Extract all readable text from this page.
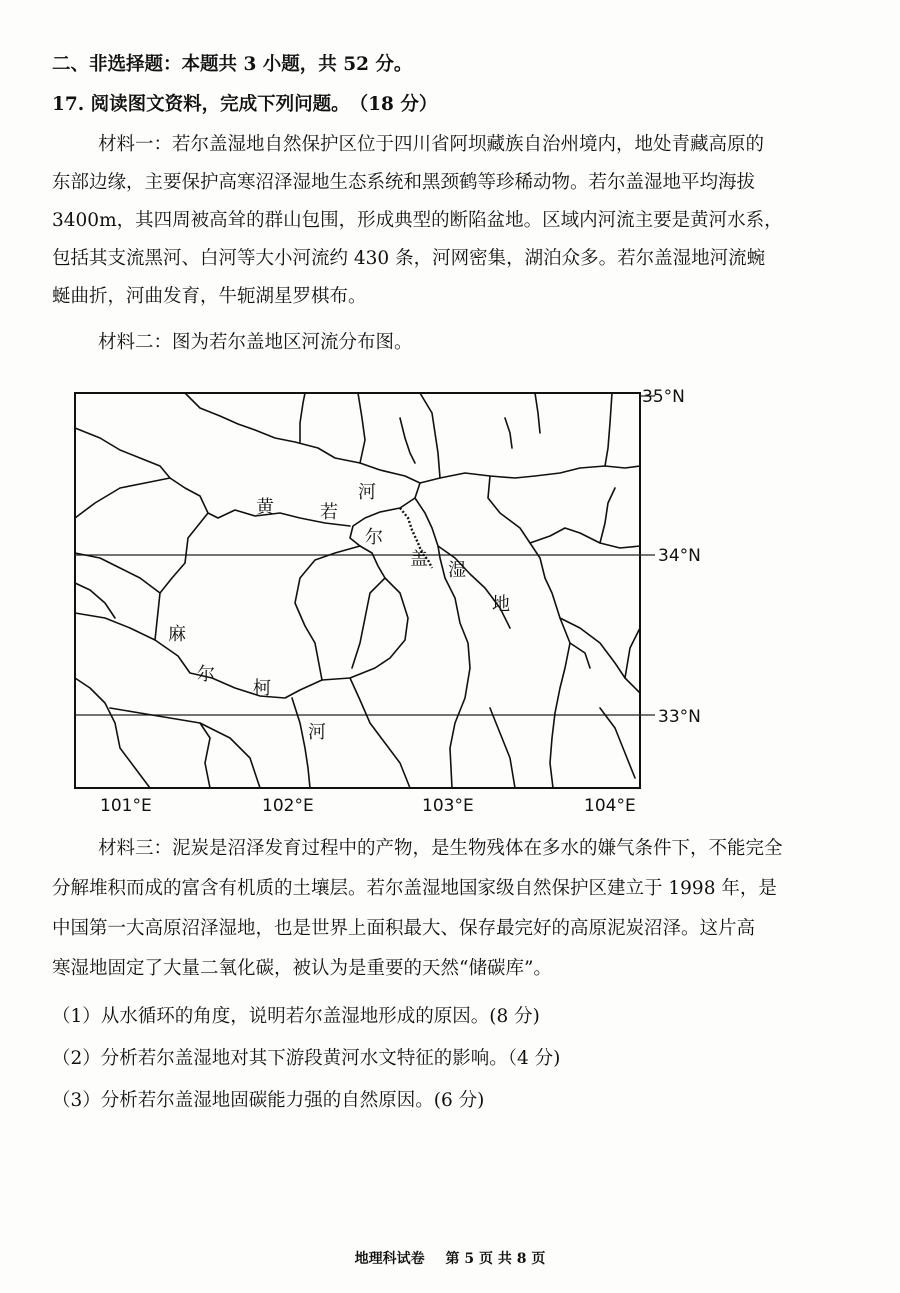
二、非选择题：本题共 3 小题，共 52 分。
17. 阅读图文资料，完成下列问题。　（18 分）
材料一：若尔盖湿地自然保护区位于四川省阿坝藏族自治州境内，地处青藏高原的
东部边缘，主要保护高寒沼泽湿地生态系统和黑颈鹤等珍稀动物。若尔盖湿地平均海拔
3400m，其四周被高耸的群山包围，形成典型的断陷盆地。区域内河流主要是黄河水系，
包括其支流黑河、白河等大小河流约 430 条，河网密集，湖泊众多。若尔盖湿地河流蜿
蜒曲折，河曲发育，牛轭湖星罗棋布。
材料二：图为若尔盖地区河流分布图。
黄
河
若
尔
盖
湿
地
麻
尔
柯
河
35°N
34°N
33°N
101°E	102°E	103°E	104°E
材料三：泥炭是沼泽发育过程中的产物，是生物残体在多水的嫌气条件下，不能完全
分解堆积而成的富含有机质的土壤层。若尔盖湿地国家级自然保护区建立于 1998 年，是
中国第一大高原沼泽湿地，也是世界上面积最大、保存最完好的高原泥炭沼泽。这片高
寒湿地固定了大量二氧化碳，被认为是重要的天然“储碳库”。
（1）从水循环的角度，说明若尔盖湿地形成的原因。(8 分)
（2）分析若尔盖湿地对其下游段黄河水文特征的影响。（4 分)
（3）分析若尔盖湿地固碳能力强的自然原因。(6 分)
地理科试卷 第 5 页 共 8 页
